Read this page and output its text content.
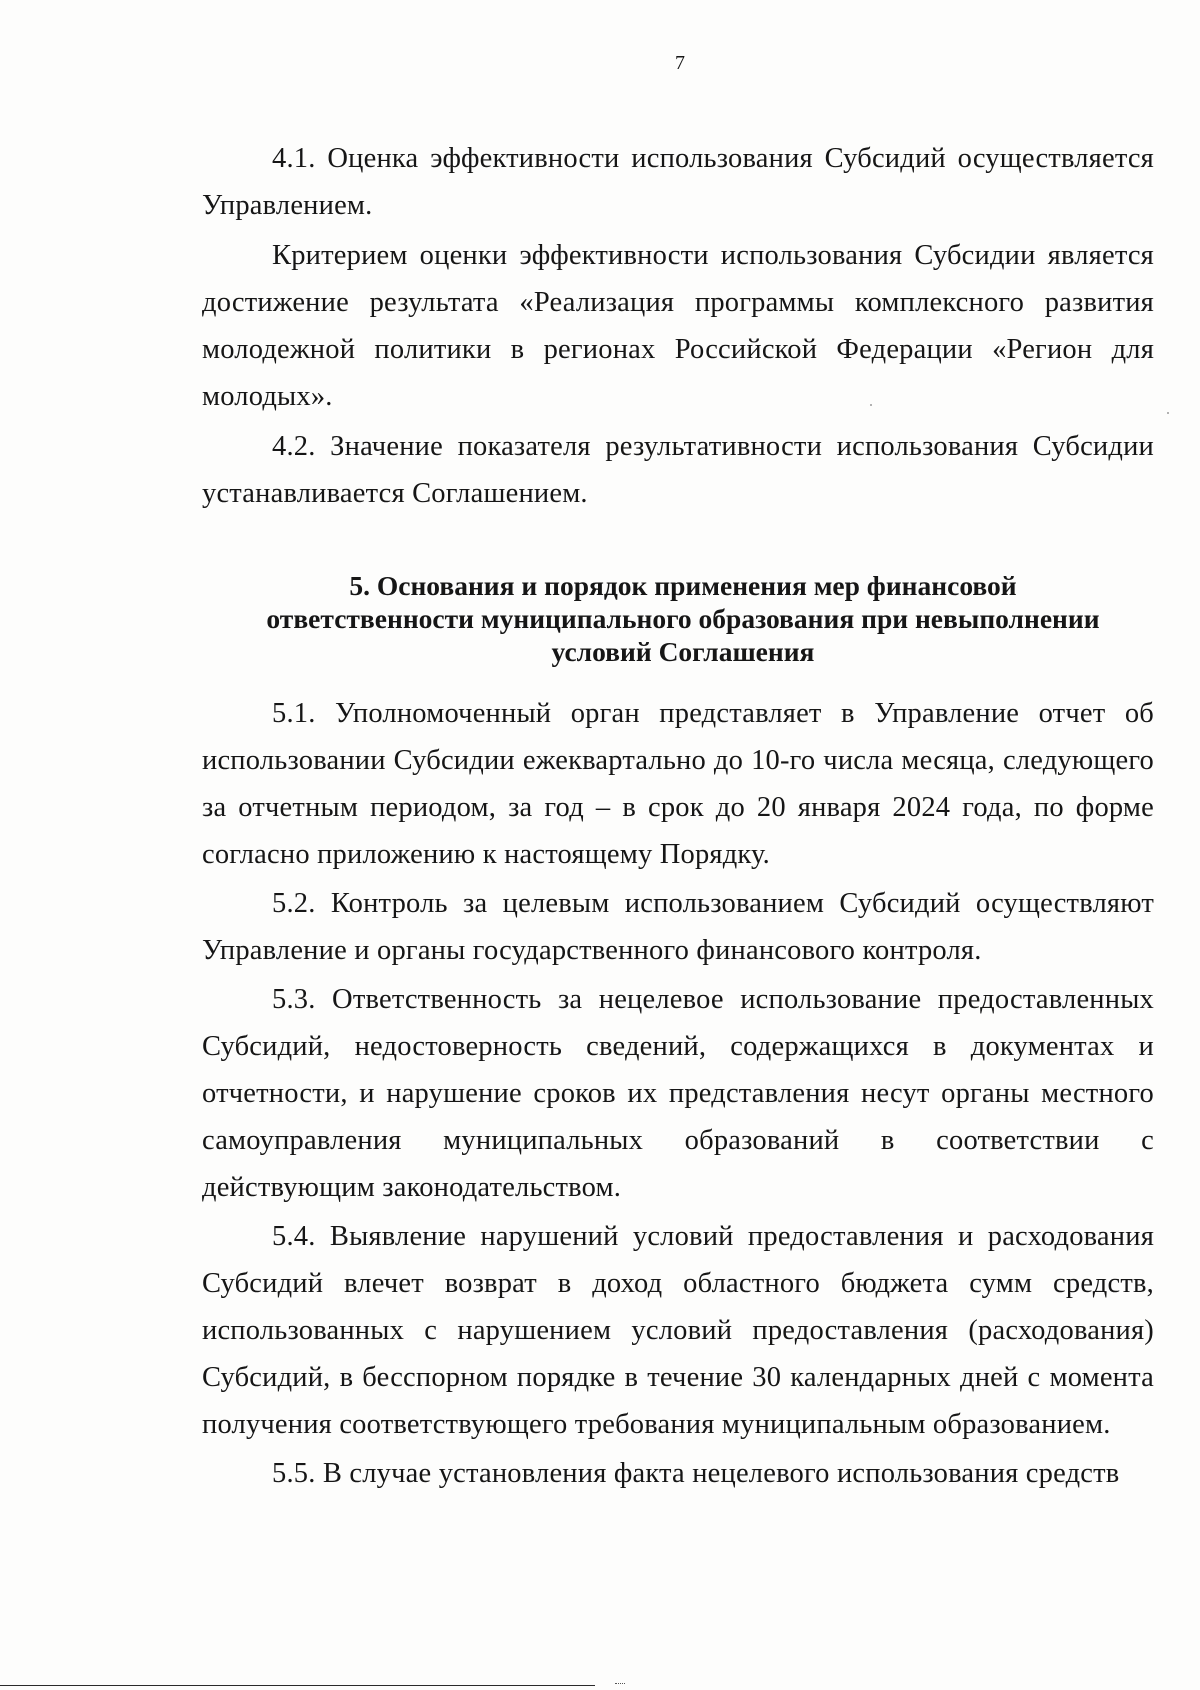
7

4.1. Оценка эффективности использования Субсидий осуществляется Управлением.

Критерием оценки эффективности использования Субсидии является достижение результата «Реализация программы комплексного развития молодежной политики в регионах Российской Федерации «Регион для молодых».

4.2. Значение показателя результативности использования Субсидии устанавливается Соглашением.

5. Основания и порядок применения мер финансовой
ответственности муниципального образования при невыполнении
условий Соглашения

5.1. Уполномоченный орган представляет в Управление отчет об использовании Субсидии ежеквартально до 10-го числа месяца, следующего за отчетным периодом, за год – в срок до 20 января 2024 года, по форме согласно приложению к настоящему Порядку.

5.2. Контроль за целевым использованием Субсидий осуществляют Управление и органы государственного финансового контроля.

5.3. Ответственность за нецелевое использование предоставленных Субсидий, недостоверность сведений, содержащихся в документах и отчетности, и нарушение сроков их представления несут органы местного самоуправления муниципальных образований в соответствии с действующим законодательством.

5.4. Выявление нарушений условий предоставления и расходования Субсидий влечет возврат в доход областного бюджета сумм средств, использованных с нарушением условий предоставления (расходования) Субсидий, в бесспорном порядке в течение 30 календарных дней с момента получения соответствующего требования муниципальным образованием.

5.5. В случае установления факта нецелевого использования средств
